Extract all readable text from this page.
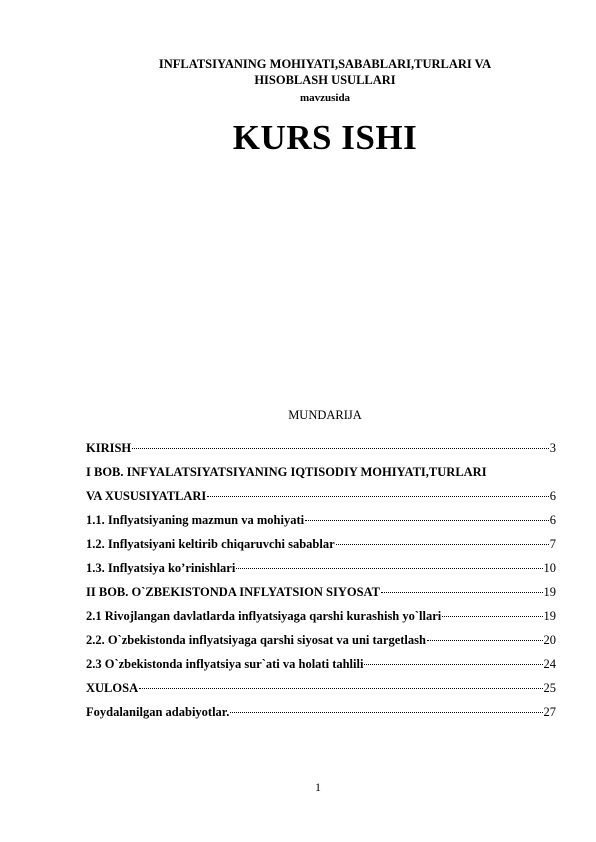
INFLATSIYANING MOHIYATI,SABABLARI,TURLARI VA
HISOBLASH USULLARI
mavzusida
KURS ISHI
MUNDARIJA
KIRISH	3
I BOB. INFYALATSIYATSIYANING IQTISODIY MOHIYATI,TURLARI
VA XUSUSIYATLARI	6
1.1. Inflyatsiyaning mazmun va mohiyati	6
1.2. Inflyatsiyani keltirib chiqaruvchi sabablar	7
1.3. Inflyatsiya ko’rinishlari	10
II BOB. O`ZBEKISTONDA INFLYATSION SIYOSAT	19
2.1 Rivojlangan davlatlarda inflyatsiyaga qarshi kurashish yo`llari	19
2.2. O`zbekistonda inflyatsiyaga qarshi siyosat va uni targetlash	20
2.3 O`zbekistonda inflyatsiya sur`ati va holati tahlili	24
XULOSA	25
Foydalanilgan adabiyotlar.	27
1
